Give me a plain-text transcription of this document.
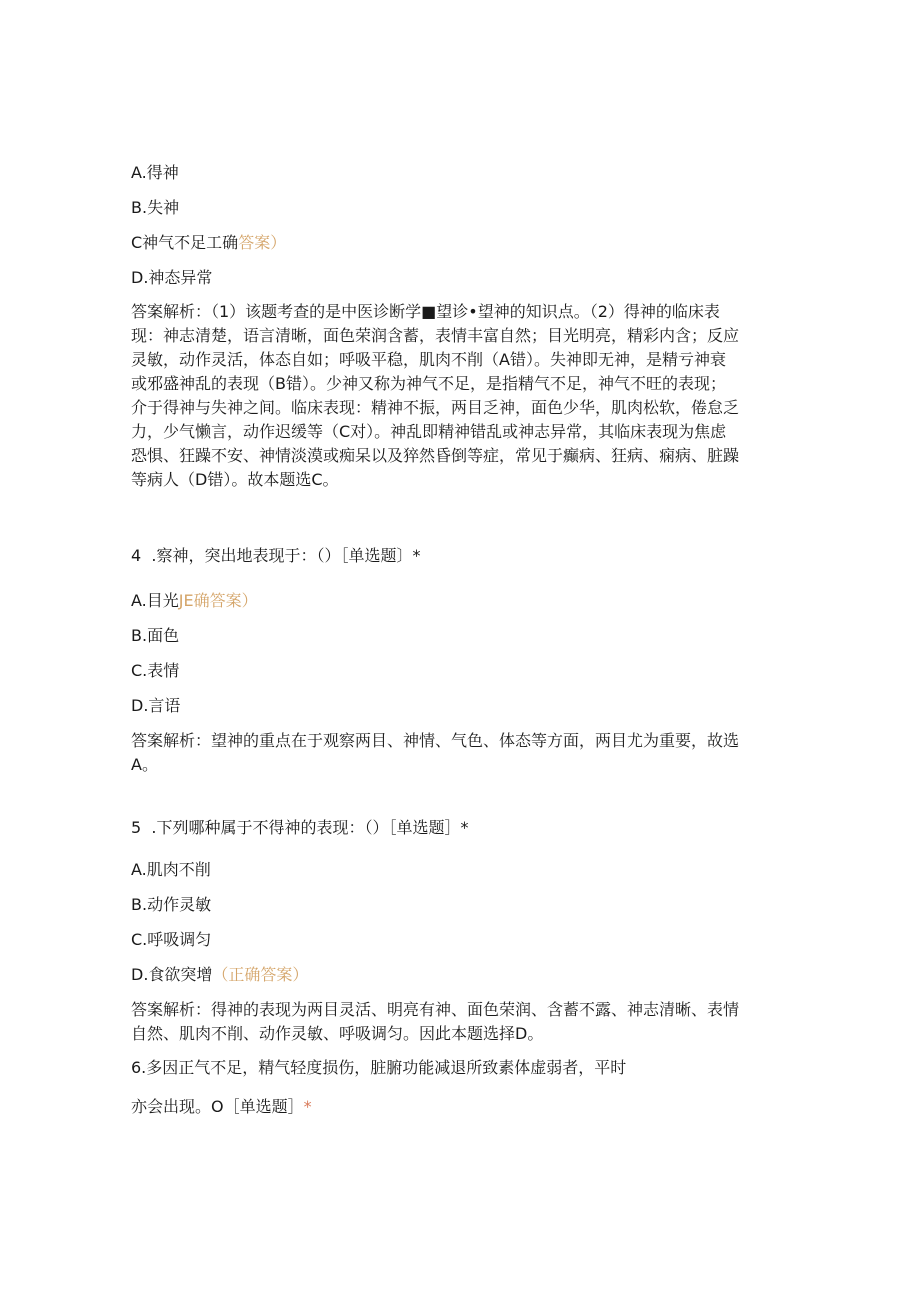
A.得神
B.失神
C神气不足工确答案）
D.神态异常
答案解析：（1）该题考查的是中医诊断学■望诊•望神的知识点。（2）得神的临床表
现：神志清楚，语言清晰，面色荣润含蓄，表情丰富自然；目光明亮，精彩内含；反应
灵敏，动作灵活，体态自如；呼吸平稳，肌肉不削（A错）。失神即无神，是精亏神衰
或邪盛神乱的表现（B错）。少神又称为神气不足，是指精气不足，神气不旺的表现；
介于得神与失神之间。临床表现：精神不振，两目乏神，面色少华，肌肉松软，倦怠乏
力，少气懒言，动作迟缓等（C对）。神乱即精神错乱或神志异常，其临床表现为焦虑
恐惧、狂躁不安、神情淡漠或痴呆以及猝然昏倒等症，常见于癫病、狂病、痫病、脏躁
等病人（D错）。故本题选C。
4  .察神，突出地表现于：（）［单选题〕*
A.目光JE确答案）
B.面色
C.表情
D.言语
答案解析：望神的重点在于观察两目、神情、气色、体态等方面，两目尤为重要，故选
A。
5  .下列哪种属于不得神的表现：（）［单选题］*
A.肌肉不削
B.动作灵敏
C.呼吸调匀
D.食欲突增（正确答案）
答案解析：得神的表现为两目灵活、明亮有神、面色荣润、含蓄不露、神志清晰、表情
自然、肌肉不削、动作灵敏、呼吸调匀。因此本题选择D。
6.多因正气不足，精气轻度损伤，脏腑功能减退所致素体虚弱者，平时
亦会出现。O［单选题］*
